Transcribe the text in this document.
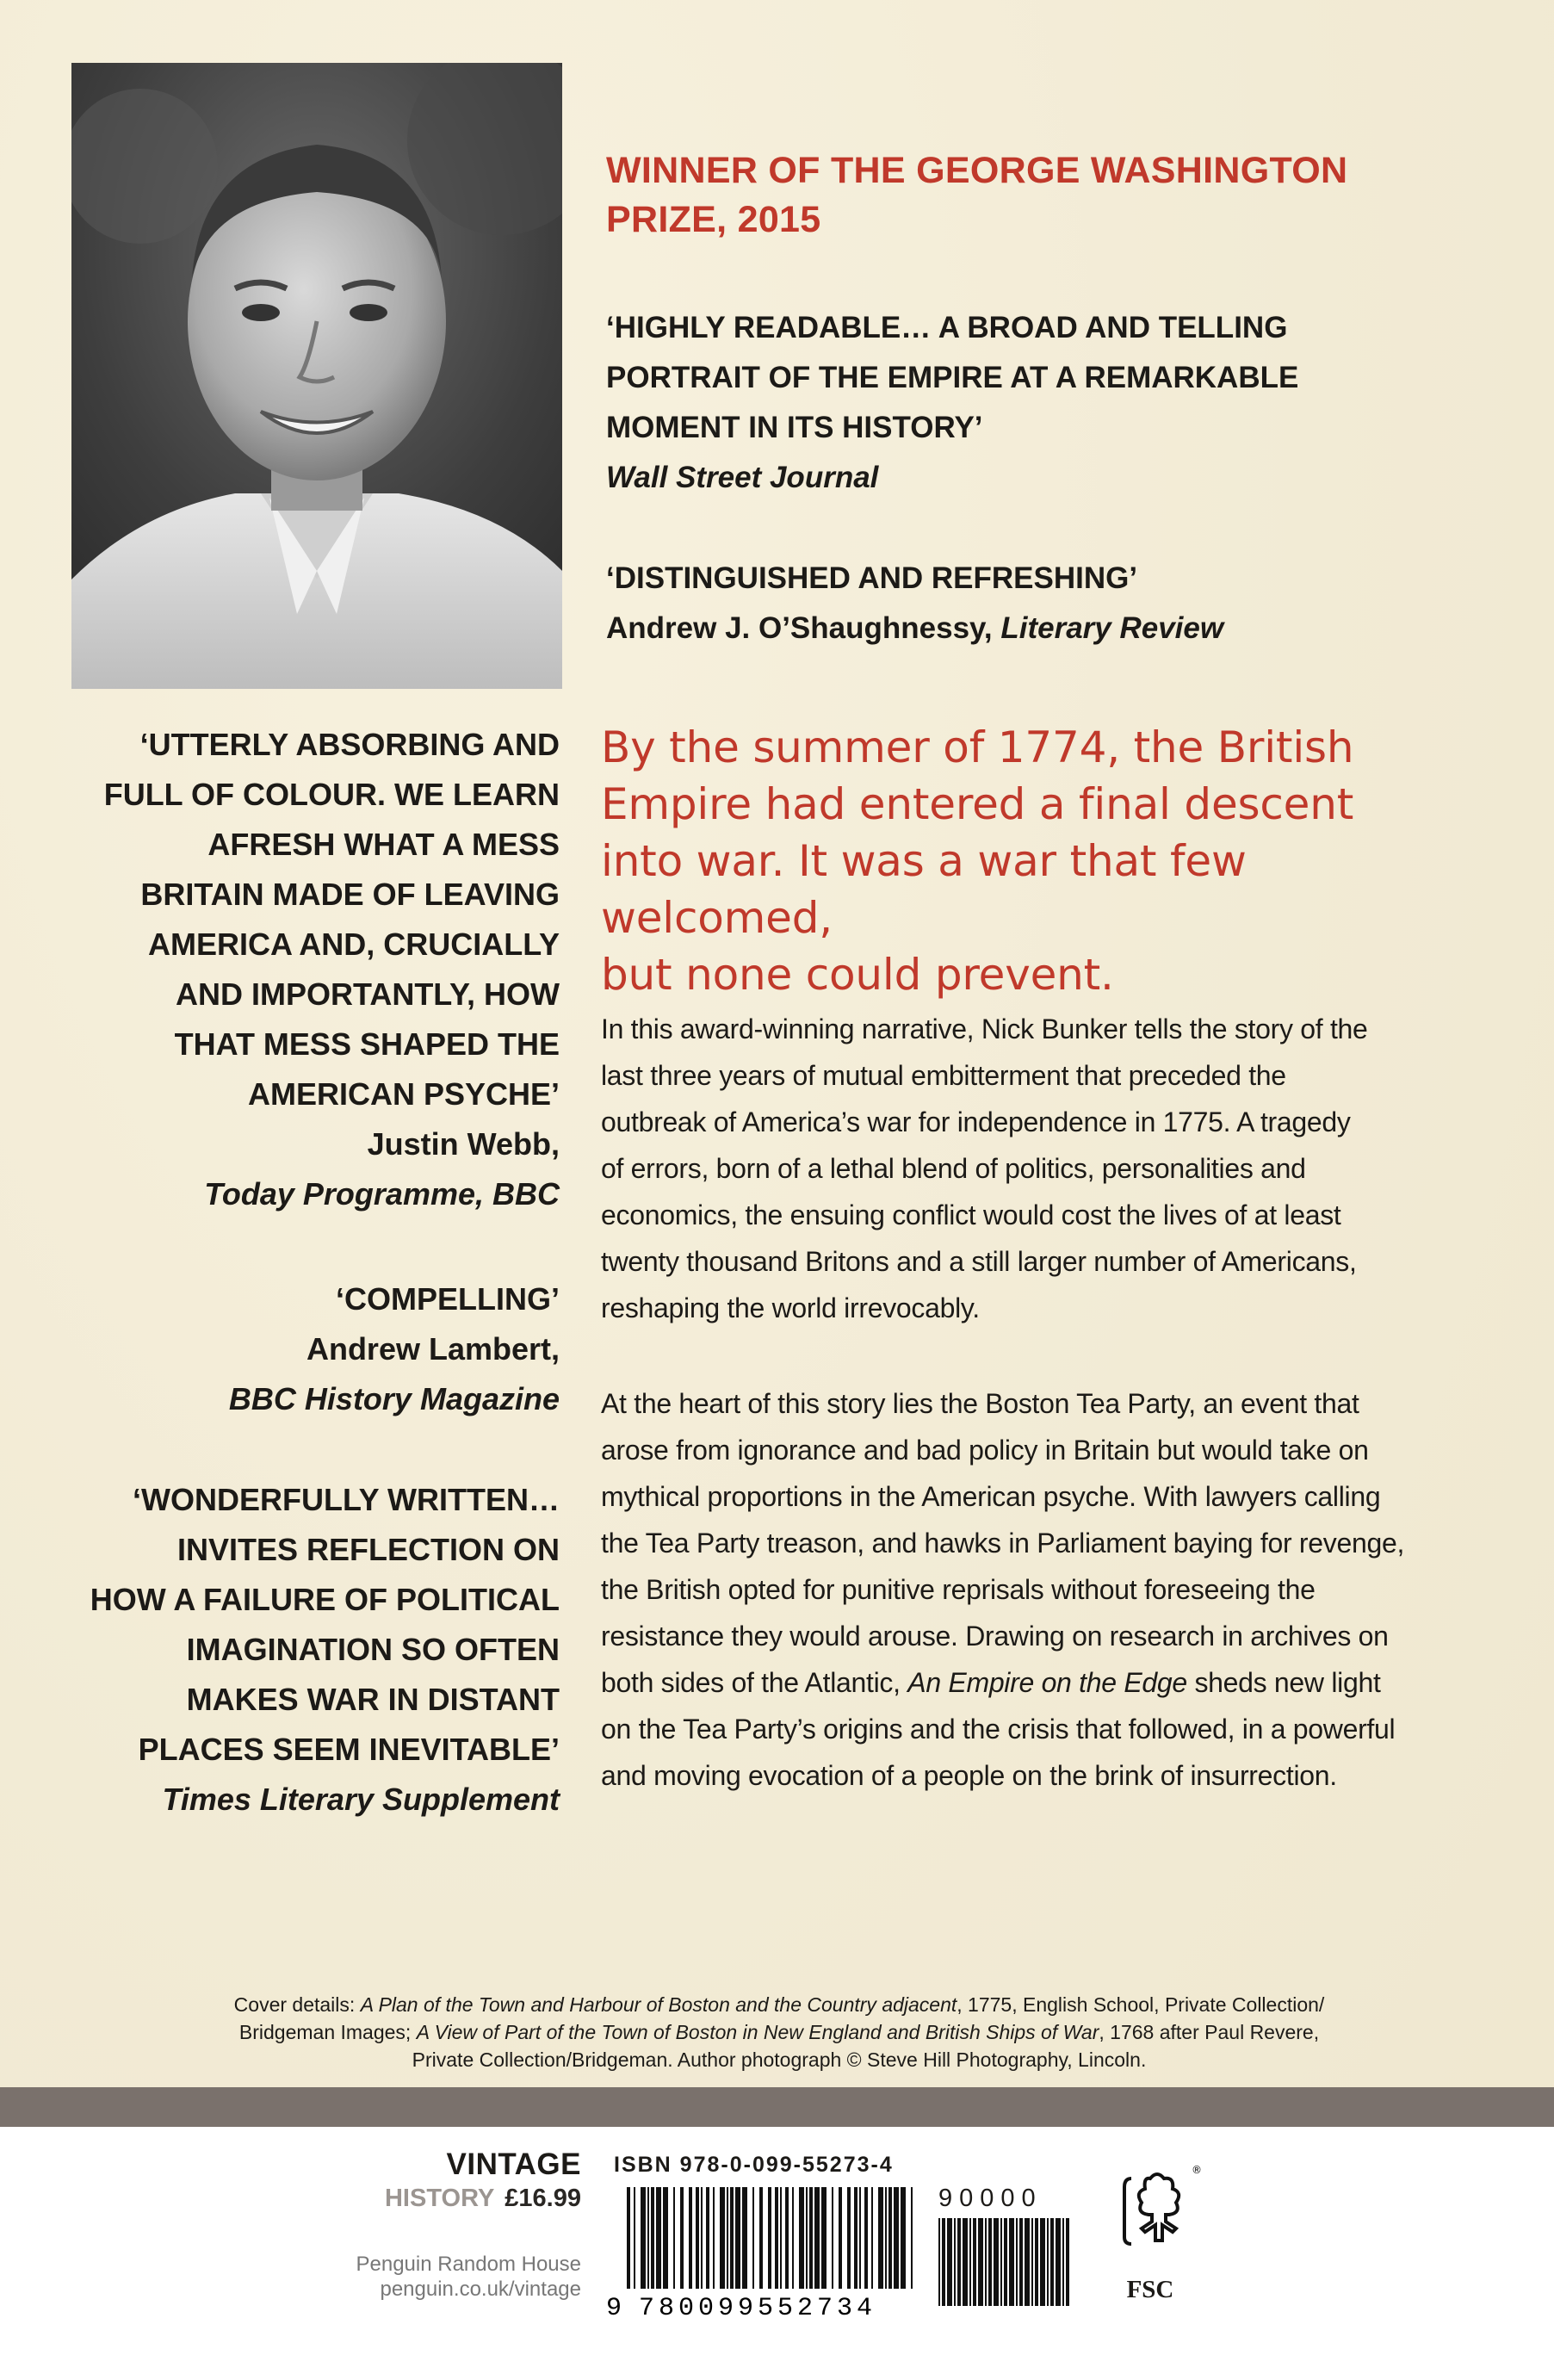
WINNER OF THE GEORGE WASHINGTON PRIZE, 2015
‘HIGHLY READABLE… A BROAD AND TELLING
PORTRAIT OF THE EMPIRE AT A REMARKABLE
MOMENT IN ITS HISTORY’
Wall Street Journal
‘DISTINGUISHED AND REFRESHING’
Andrew J. O’Shaughnessy, Literary Review
‘UTTERLY ABSORBING AND
FULL OF COLOUR. WE LEARN
AFRESH WHAT A MESS
BRITAIN MADE OF LEAVING
AMERICA AND, CRUCIALLY
AND IMPORTANTLY, HOW
THAT MESS SHAPED THE
AMERICAN PSYCHE’
Justin Webb,
Today Programme, BBC
‘COMPELLING’
Andrew Lambert,
BBC History Magazine
‘WONDERFULLY WRITTEN…
INVITES REFLECTION ON
HOW A FAILURE OF POLITICAL
IMAGINATION SO OFTEN
MAKES WAR IN DISTANT
PLACES SEEM INEVITABLE’
Times Literary Supplement
By the summer of 1774, the British
Empire had entered a final descent
into war. It was a war that few welcomed,
but none could prevent.
In this award-winning narrative, Nick Bunker tells the story of the
last three years of mutual embitterment that preceded the
outbreak of America’s war for independence in 1775. A tragedy
of errors, born of a lethal blend of politics, personalities and
economics, the ensuing conflict would cost the lives of at least
twenty thousand Britons and a still larger number of Americans,
reshaping the world irrevocably.
At the heart of this story lies the Boston Tea Party, an event that
arose from ignorance and bad policy in Britain but would take on
mythical proportions in the American psyche. With lawyers calling
the Tea Party treason, and hawks in Parliament baying for revenge,
the British opted for punitive reprisals without foreseeing the
resistance they would arouse. Drawing on research in archives on
both sides of the Atlantic, An Empire on the Edge sheds new light
on the Tea Party’s origins and the crisis that followed, in a powerful
and moving evocation of a people on the brink of insurrection.
Cover details: A Plan of the Town and Harbour of Boston and the Country adjacent, 1775, English School, Private Collection/
Bridgeman Images; A View of Part of the Town of Boston in New England and British Ships of War, 1768 after Paul Revere,
Private Collection/Bridgeman. Author photograph © Steve Hill Photography, Lincoln.
VINTAGE
HISTORY £16.99
Penguin Random House
penguin.co.uk/vintage
ISBN 978-0-099-55273-4
9 780099552734
90000
®
FSC
